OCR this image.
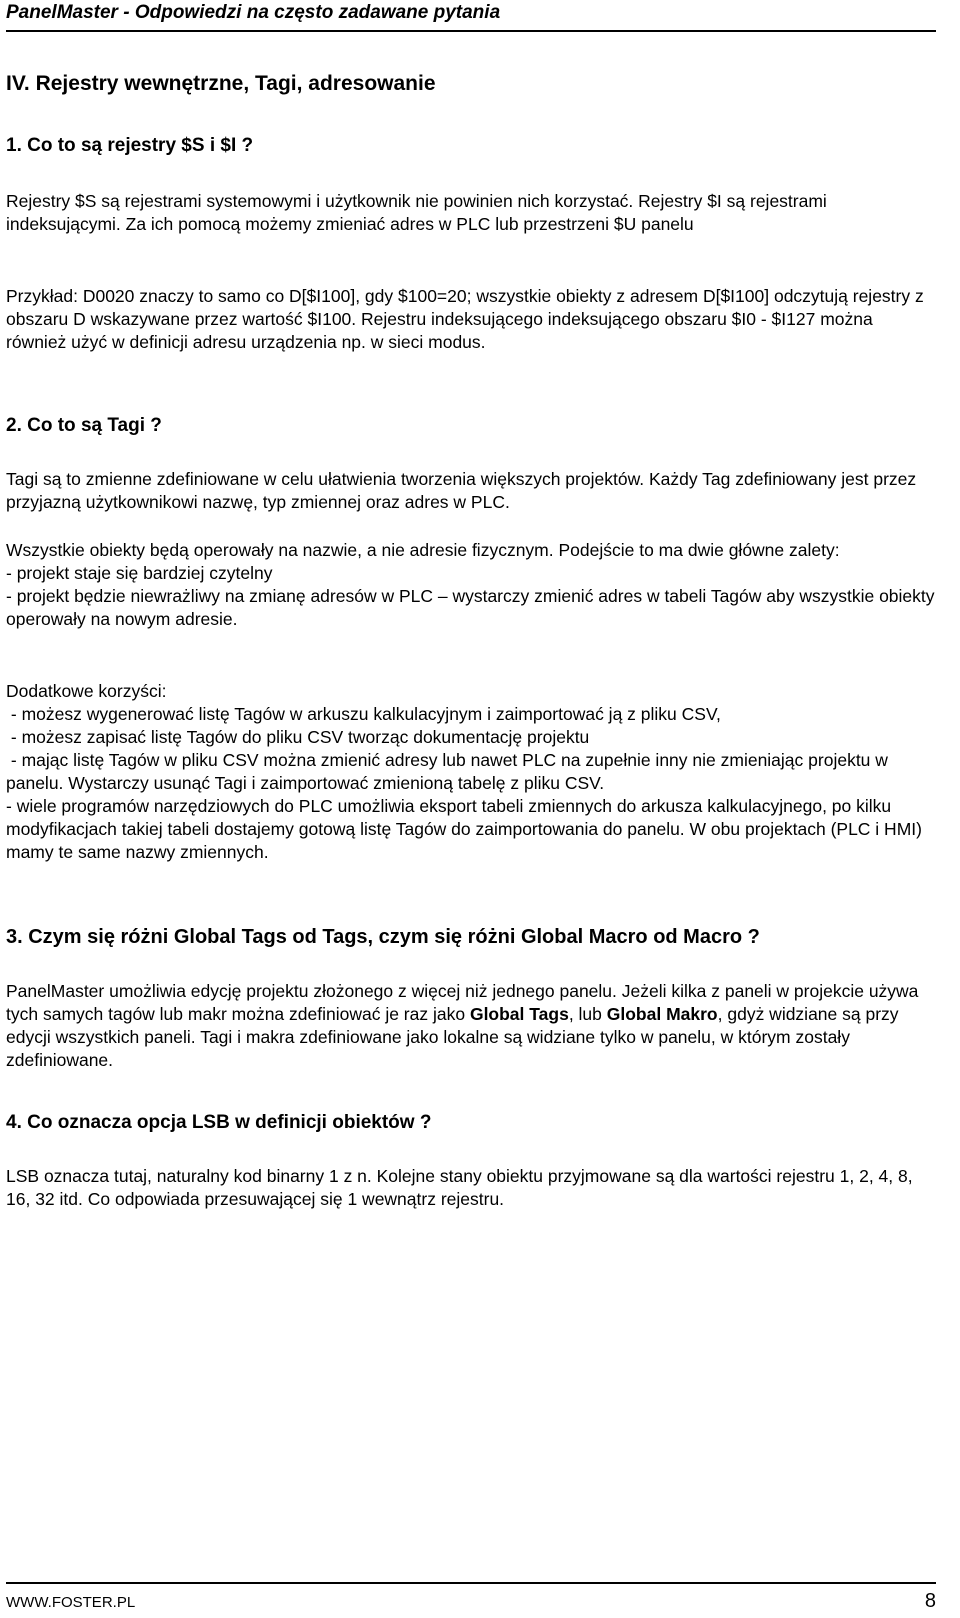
PanelMaster - Odpowiedzi na często zadawane pytania
IV. Rejestry wewnętrzne, Tagi, adresowanie
1. Co to są rejestry $S i $I ?

Rejestry $S są rejestrami systemowymi i użytkownik nie powinien nich korzystać. Rejestry $I są rejestrami indeksującymi. Za ich pomocą możemy zmieniać adres w PLC lub przestrzeni $U panelu

Przykład: D0020 znaczy to samo co D[$I100], gdy $100=20; wszystkie obiekty z adresem D[$I100] odczytują rejestry z obszaru D wskazywane przez wartość $I100. Rejestru indeksującego indeksującego obszaru $I0 - $I127 można również użyć w definicji adresu urządzenia np. w sieci modus.

2. Co to są Tagi ?

Tagi są to zmienne zdefiniowane w celu ułatwienia tworzenia większych projektów. Każdy Tag zdefiniowany jest przez przyjazną użytkownikowi nazwę, typ zmiennej oraz adres w PLC.

Wszystkie obiekty będą operowały na nazwie, a nie adresie fizycznym. Podejście to ma dwie główne zalety:
- projekt staje się bardziej czytelny
- projekt będzie niewrażliwy na zmianę adresów w PLC – wystarczy zmienić adres w tabeli Tagów aby wszystkie obiekty operowały na nowym adresie.
Dodatkowe korzyści:
- możesz wygenerować listę Tagów w arkuszu kalkulacyjnym i zaimportować ją z pliku CSV,
- możesz zapisać listę Tagów do pliku CSV tworząc dokumentację projektu
- mając listę Tagów w pliku CSV można zmienić adresy lub nawet PLC na zupełnie inny nie zmieniając projektu w panelu. Wystarczy usunąć Tagi i zaimportować zmienioną tabelę z pliku CSV.
- wiele programów narzędziowych do PLC umożliwia eksport tabeli zmiennych do arkusza kalkulacyjnego, po kilku modyfikacjach takiej tabeli dostajemy gotową listę Tagów do zaimportowania do panelu. W obu projektach (PLC i HMI) mamy te same nazwy zmiennych.
3. Czym się różni Global Tags od Tags, czym się różni Global Macro od Macro ?

PanelMaster umożliwia edycję projektu złożonego z więcej niż jednego panelu. Jeżeli kilka z paneli w projekcie używa tych samych tagów lub makr można zdefiniować je raz jako Global Tags, lub Global Makro, gdyż widziane są przy edycji wszystkich paneli. Tagi i makra zdefiniowane jako lokalne są widziane tylko w panelu, w którym zostały zdefiniowane.

4. Co oznacza opcja LSB w definicji obiektów ?

LSB oznacza tutaj, naturalny kod binarny 1 z n. Kolejne stany obiektu przyjmowane są dla wartości rejestru 1, 2, 4, 8, 16, 32 itd. Co odpowiada przesuwającej się 1 wewnątrz rejestru.

WWW.FOSTER.PL	8
